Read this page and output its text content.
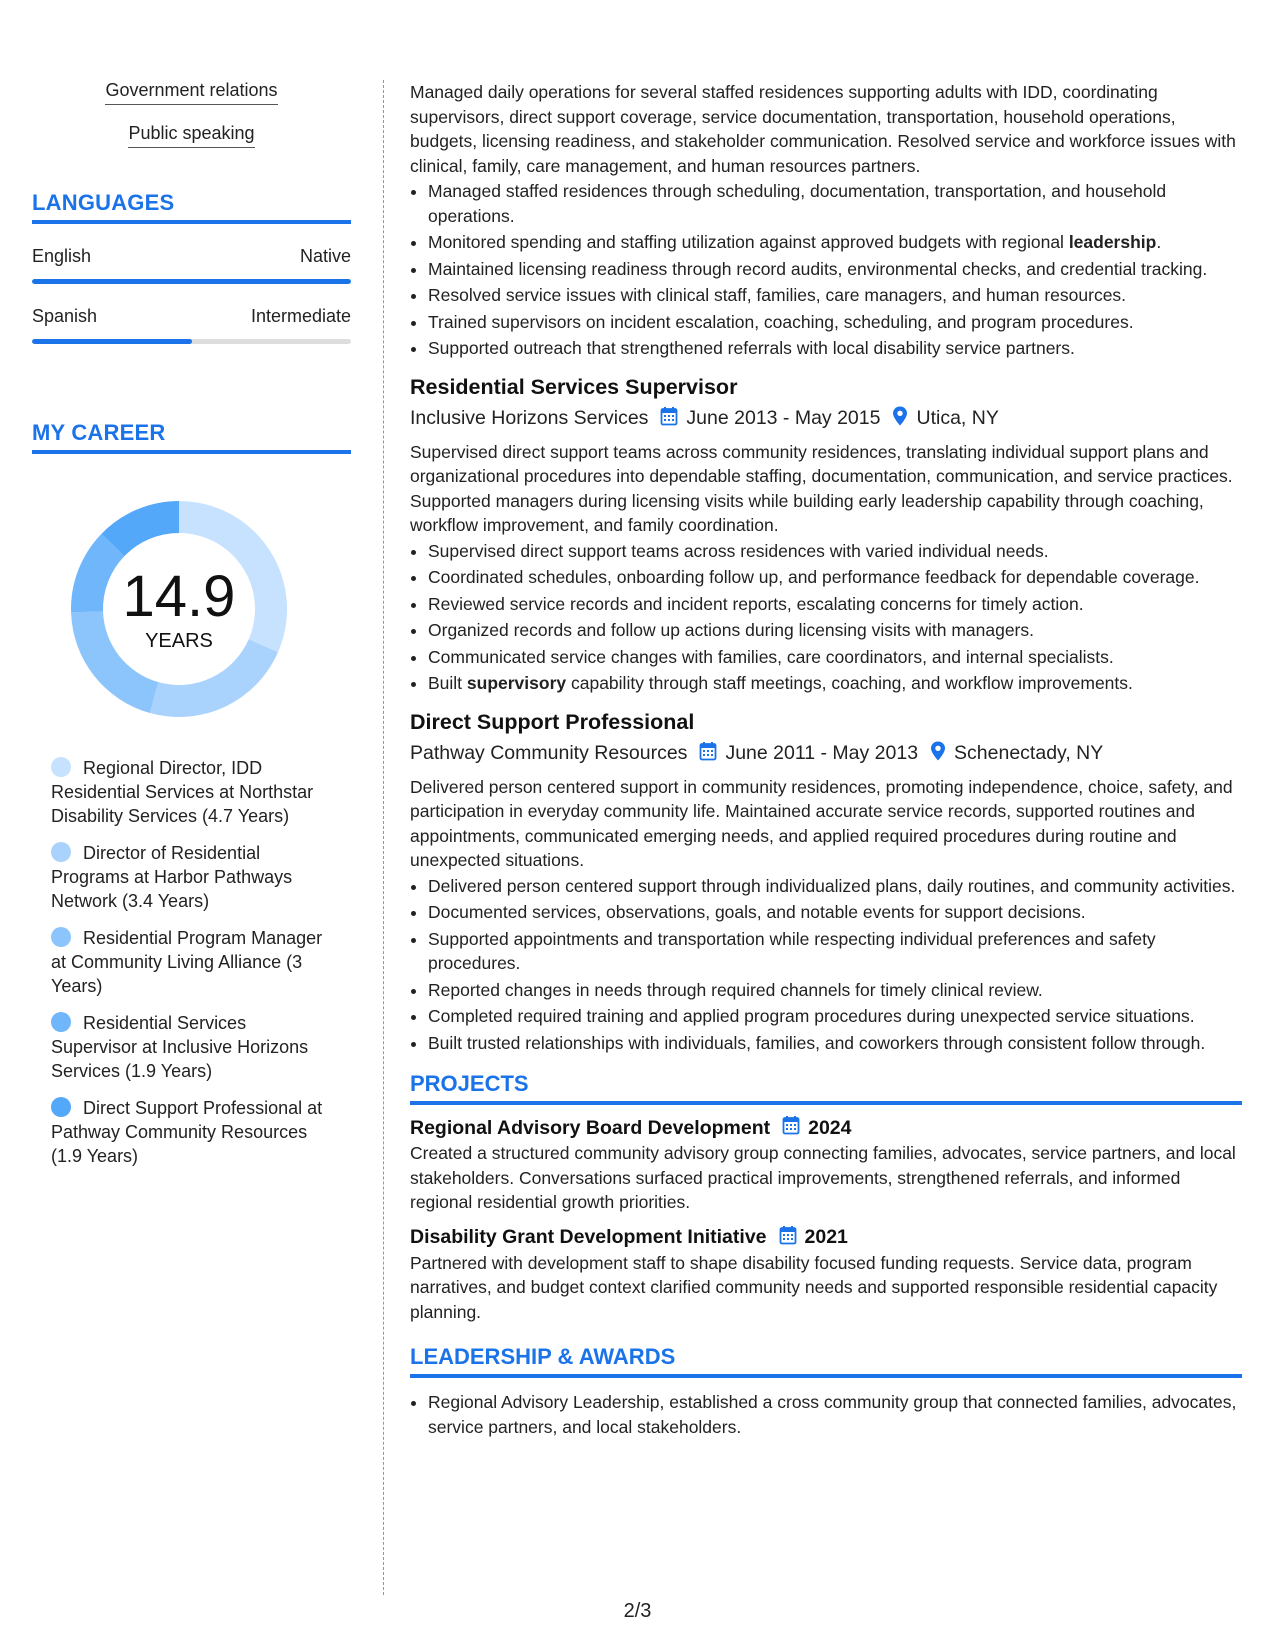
Government relations
Public speaking
LANGUAGES
English	Native
Spanish	Intermediate
MY CAREER
14.9
YEARS
Regional Director, IDD Residential Services at Northstar Disability Services (4.7 Years)
Director of Residential Programs at Harbor Pathways Network (3.4 Years)
Residential Program Manager at Community Living Alliance (3 Years)
Residential Services Supervisor at Inclusive Horizons Services (1.9 Years)
Direct Support Professional at Pathway Community Resources (1.9 Years)

Managed daily operations for several staffed residences supporting adults with IDD, coordinating supervisors, direct support coverage, service documentation, transportation, household operations, budgets, licensing readiness, and stakeholder communication. Resolved service and workforce issues with clinical, family, care management, and human resources partners.

• Managed staffed residences through scheduling, documentation, transportation, and household operations.
• Monitored spending and staffing utilization against approved budgets with regional leadership.
• Maintained licensing readiness through record audits, environmental checks, and credential tracking.
• Resolved service issues with clinical staff, families, care managers, and human resources.
• Trained supervisors on incident escalation, coaching, scheduling, and program procedures.
• Supported outreach that strengthened referrals with local disability service partners.
Residential Services Supervisor
Inclusive Horizons Services June 2013 - May 2015 Utica, NY

Supervised direct support teams across community residences, translating individual support plans and organizational procedures into dependable staffing, documentation, communication, and service practices. Supported managers during licensing visits while building early leadership capability through coaching, workflow improvement, and family coordination.

• Supervised direct support teams across residences with varied individual needs.
• Coordinated schedules, onboarding follow up, and performance feedback for dependable coverage.
• Reviewed service records and incident reports, escalating concerns for timely action.
• Organized records and follow up actions during licensing visits with managers.
• Communicated service changes with families, care coordinators, and internal specialists.
• Built supervisory capability through staff meetings, coaching, and workflow improvements.
Direct Support Professional
Pathway Community Resources June 2011 - May 2013 Schenectady, NY

Delivered person centered support in community residences, promoting independence, choice, safety, and participation in everyday community life. Maintained accurate service records, supported routines and appointments, communicated emerging needs, and applied required procedures during routine and unexpected situations.

• Delivered person centered support through individualized plans, daily routines, and community activities.
• Documented services, observations, goals, and notable events for support decisions.
• Supported appointments and transportation while respecting individual preferences and safety procedures.
• Reported changes in needs through required channels for timely clinical review.
• Completed required training and applied program procedures during unexpected service situations.
• Built trusted relationships with individuals, families, and coworkers through consistent follow through.
PROJECTS
Regional Advisory Board Development 2024

Created a structured community advisory group connecting families, advocates, service partners, and local stakeholders. Conversations surfaced practical improvements, strengthened referrals, and informed regional residential growth priorities.

Disability Grant Development Initiative 2021

Partnered with development staff to shape disability focused funding requests. Service data, program narratives, and budget context clarified community needs and supported responsible residential capacity planning.

LEADERSHIP & AWARDS
• Regional Advisory Leadership, established a cross community group that connected families, advocates, service partners, and local stakeholders.
2/3
